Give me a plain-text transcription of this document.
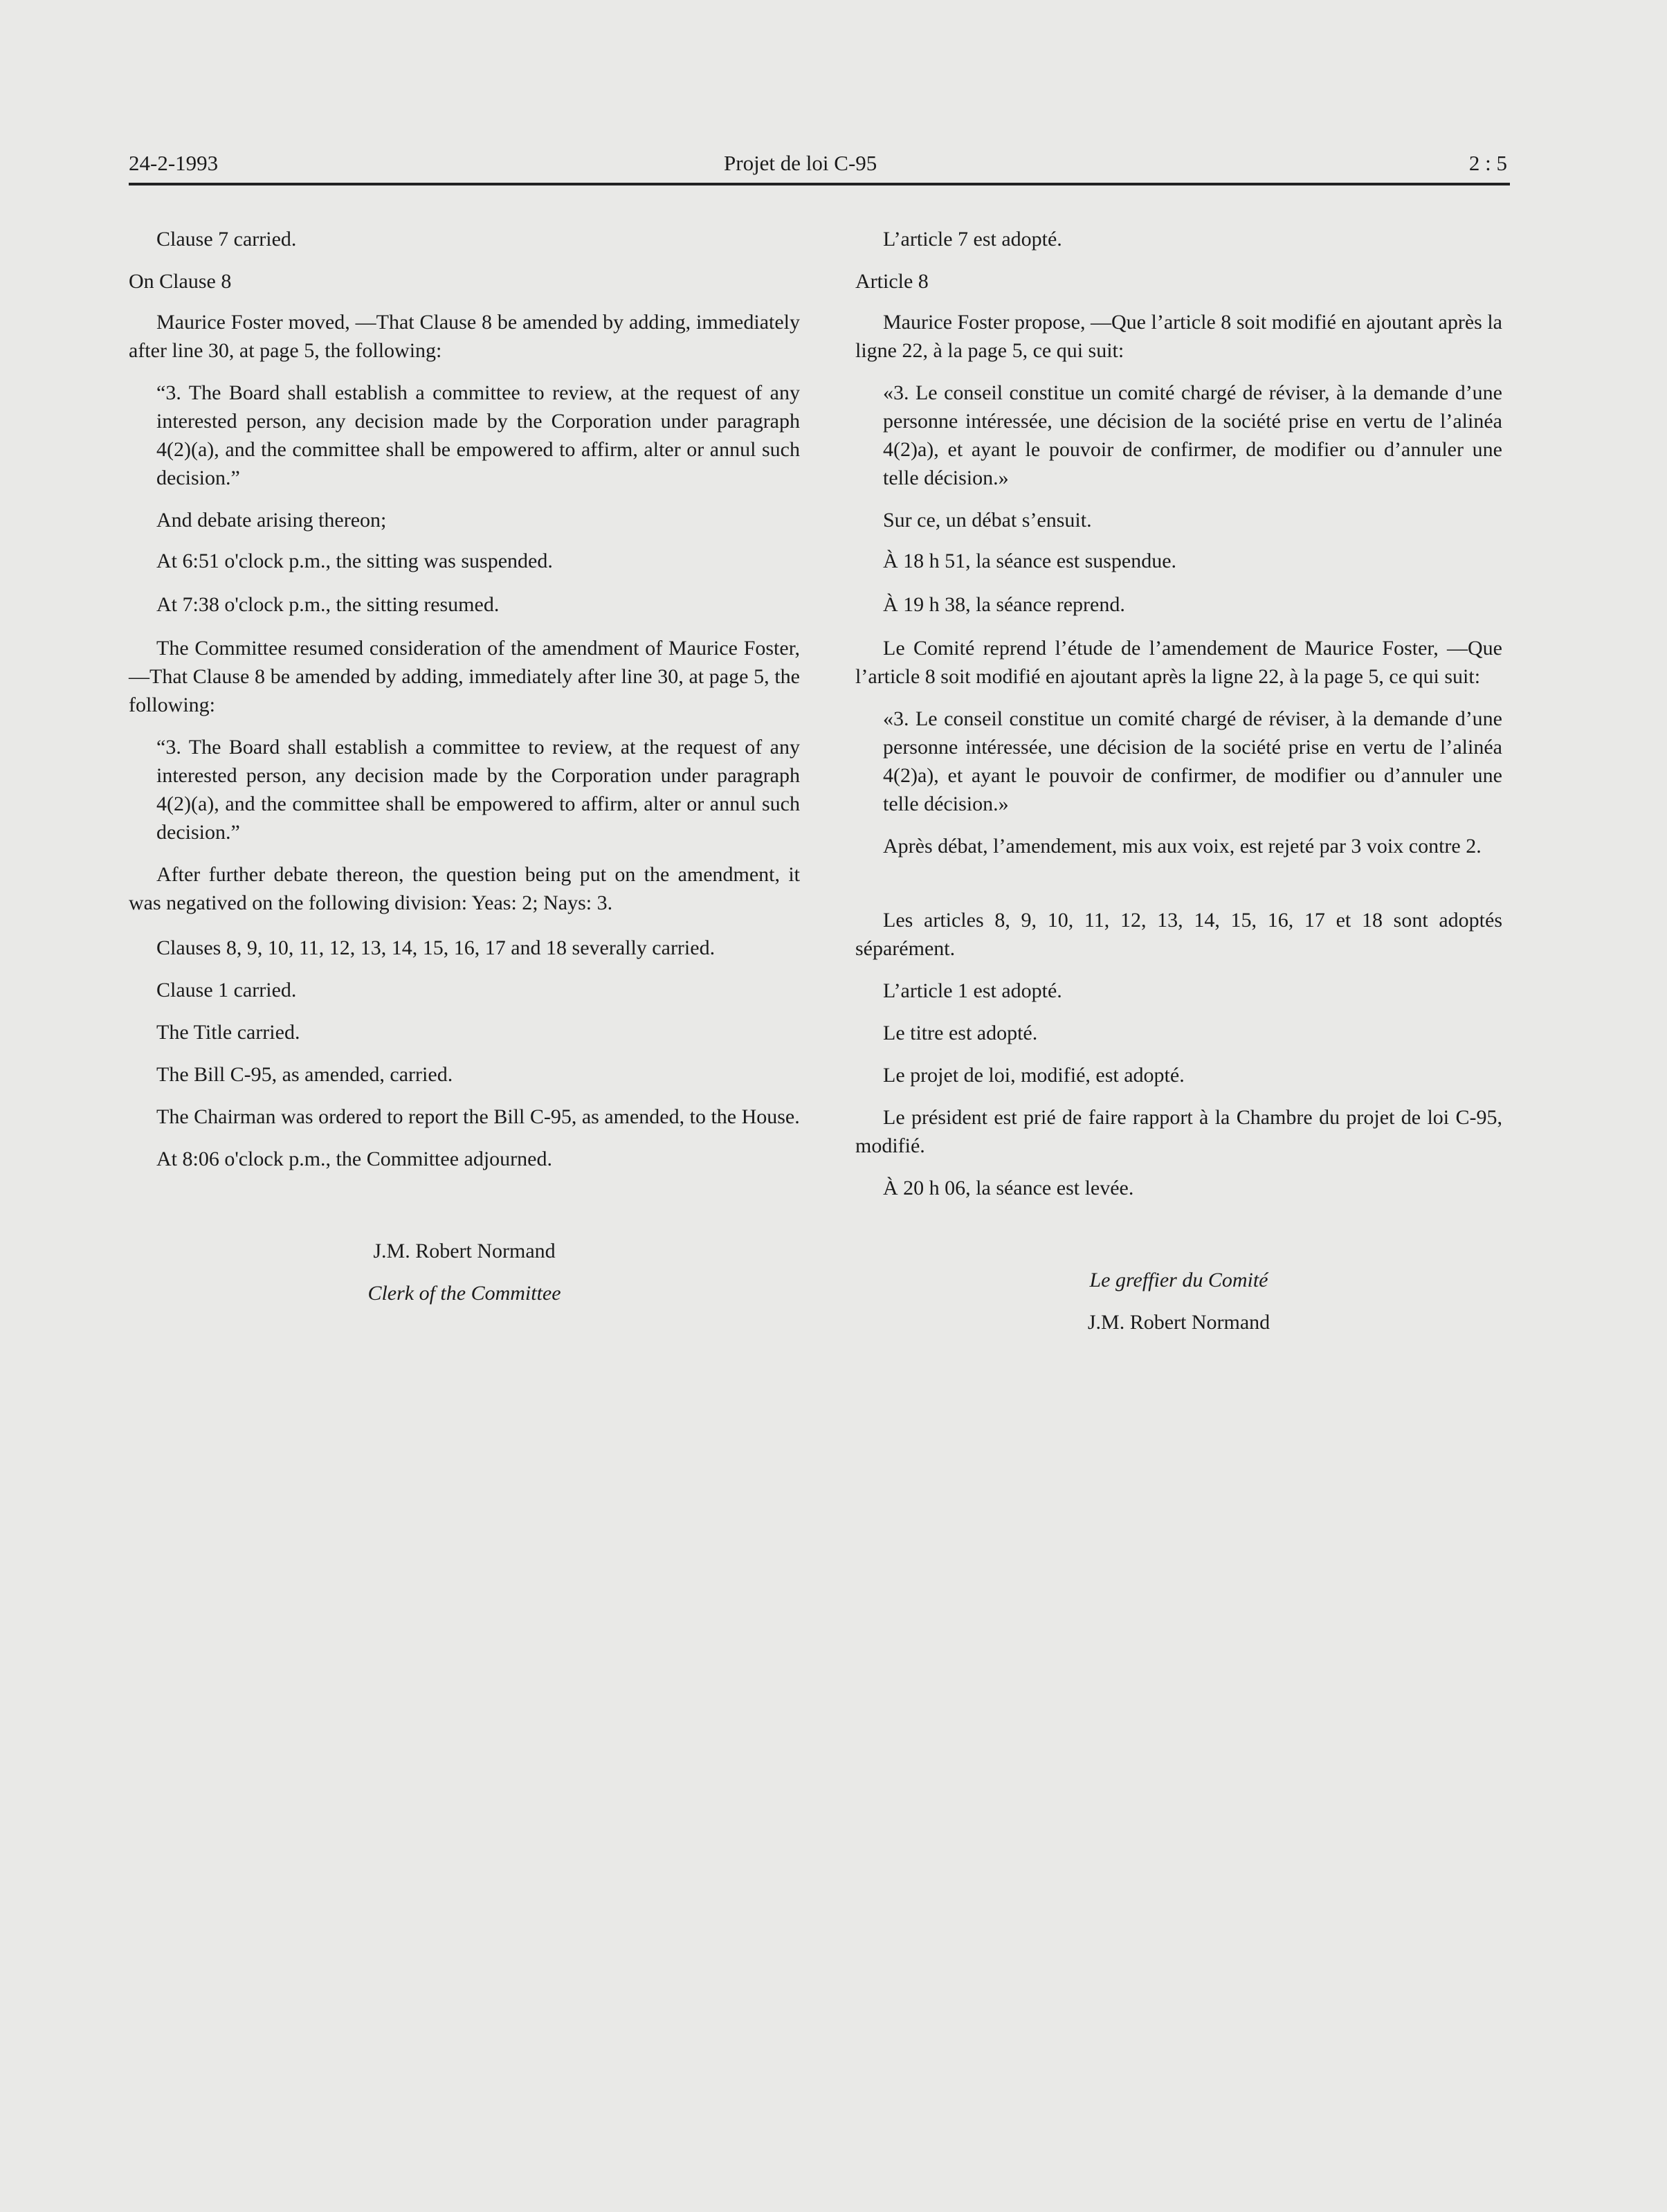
24-2-1993	Projet de loi C-95	2 : 5

Clause 7 carried.

On Clause 8

Maurice Foster moved, —That Clause 8 be amended by adding, immediately after line 30, at page 5, the following:

“3. The Board shall establish a committee to review, at the request of any interested person, any decision made by the Corporation under paragraph 4(2)(a), and the committee shall be empowered to affirm, alter or annul such decision.”

And debate arising thereon;

At 6:51 o'clock p.m., the sitting was suspended.

At 7:38 o'clock p.m., the sitting resumed.

The Committee resumed consideration of the amendment of Maurice Foster, —That Clause 8 be amended by adding, immediately after line 30, at page 5, the following:

“3. The Board shall establish a committee to review, at the request of any interested person, any decision made by the Corporation under paragraph 4(2)(a), and the committee shall be empowered to affirm, alter or annul such decision.”

After further debate thereon, the question being put on the amendment, it was negatived on the following division: Yeas: 2; Nays: 3.

Clauses 8, 9, 10, 11, 12, 13, 14, 15, 16, 17 and 18 severally carried.

Clause 1 carried.

The Title carried.

The Bill C-95, as amended, carried.

The Chairman was ordered to report the Bill C-95, as amended, to the House.

At 8:06 o'clock p.m., the Committee adjourned.

J.M. Robert Normand

Clerk of the Committee

L’article 7 est adopté.

Article 8

Maurice Foster propose, —Que l’article 8 soit modifié en ajoutant après la ligne 22, à la page 5, ce qui suit:

«3. Le conseil constitue un comité chargé de réviser, à la demande d’une personne intéressée, une décision de la société prise en vertu de l’alinéa 4(2)a), et ayant le pouvoir de confirmer, de modifier ou d’annuler une telle décision.»

Sur ce, un débat s’ensuit.

À 18 h 51, la séance est suspendue.

À 19 h 38, la séance reprend.

Le Comité reprend l’étude de l’amendement de Maurice Foster, —Que l’article 8 soit modifié en ajoutant après la ligne 22, à la page 5, ce qui suit:

«3. Le conseil constitue un comité chargé de réviser, à la demande d’une personne intéressée, une décision de la société prise en vertu de l’alinéa 4(2)a), et ayant le pouvoir de confirmer, de modifier ou d’annuler une telle décision.»

Après débat, l’amendement, mis aux voix, est rejeté par 3 voix contre 2.

Les articles 8, 9, 10, 11, 12, 13, 14, 15, 16, 17 et 18 sont adoptés séparément.

L’article 1 est adopté.

Le titre est adopté.

Le projet de loi, modifié, est adopté.

Le président est prié de faire rapport à la Chambre du projet de loi C-95, modifié.

À 20 h 06, la séance est levée.

Le greffier du Comité

J.M. Robert Normand
